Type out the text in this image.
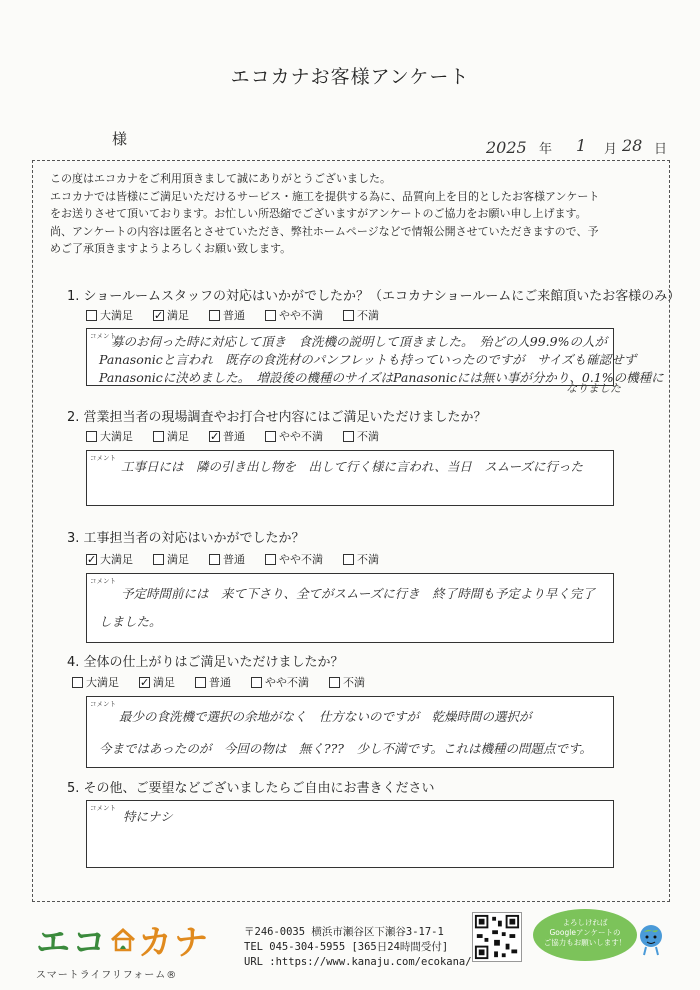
エコカナお客様アンケート
様	2025 年 1 月 28 日
この度はエコカナをご利用頂きまして誠にありがとうございました。
エコカナでは皆様にご満足いただけるサービス・施工を提供する為に、品質向上を目的としたお客様アンケート
をお送りさせて頂いております。お忙しい所恐縮でございますがアンケートのご協力をお願い申し上げます。
尚、アンケートの内容は匿名とさせていただき、弊社ホームページなどで情報公開させていただきますので、予
めご了承頂きますようよろしくお願い致します。
1. ショールームスタッフの対応はいかがでしたか？（エコカナショールームにご来館頂いたお客様のみ）
大満足 ✓	満足	普通	やや不満	不満
コメント
募のお伺った時に対応して頂き　食洗機の説明して頂きました。　殆どの人99.9%の人が
Panasonicと言われ　既存の食洗材のパンフレットも持っていったのですが　サイズも確認せず
Panasonicに決めました。　増設後の機種のサイズはPanasonicには無い事が分かり、0.1%の機種に
なりました
2. 営業担当者の現場調査やお打合せ内容にはご満足いただけましたか？
大満足	満足 ✓	普通	やや不満	不満
コメント
工事日には　隣の引き出し物を　出して行く様に言われ、当日　スムーズに行った
3. 工事担当者の対応はいかがでしたか？
✓
大満足	満足	普通	やや不満	不満
コメント
予定時間前には　来て下さり、全てがスムーズに行き　終了時間も予定より早く完了
しました。
4. 全体の仕上がりはご満足いただけましたか？
大満足 ✓	満足	普通	やや不満	不満
コメント
最少の食洗機で選択の余地がなく　仕方ないのですが　乾燥時間の選択が
今まではあったのが　今回の物は　無く???　少し不満です。これは機種の問題点です。
5. その他、ご要望などございましたらご自由にお書きください
コメント
特にナシ
エコ カナ
スマートライフリフォーム®
〒246-0035 横浜市瀬谷区下瀬谷3-17-1
TEL 045-304-5955 [365日24時間受付]
URL :https://www.kanaju.com/ecokana/
よろしければ
Googleアンケートの
ご協力もお願いします！
